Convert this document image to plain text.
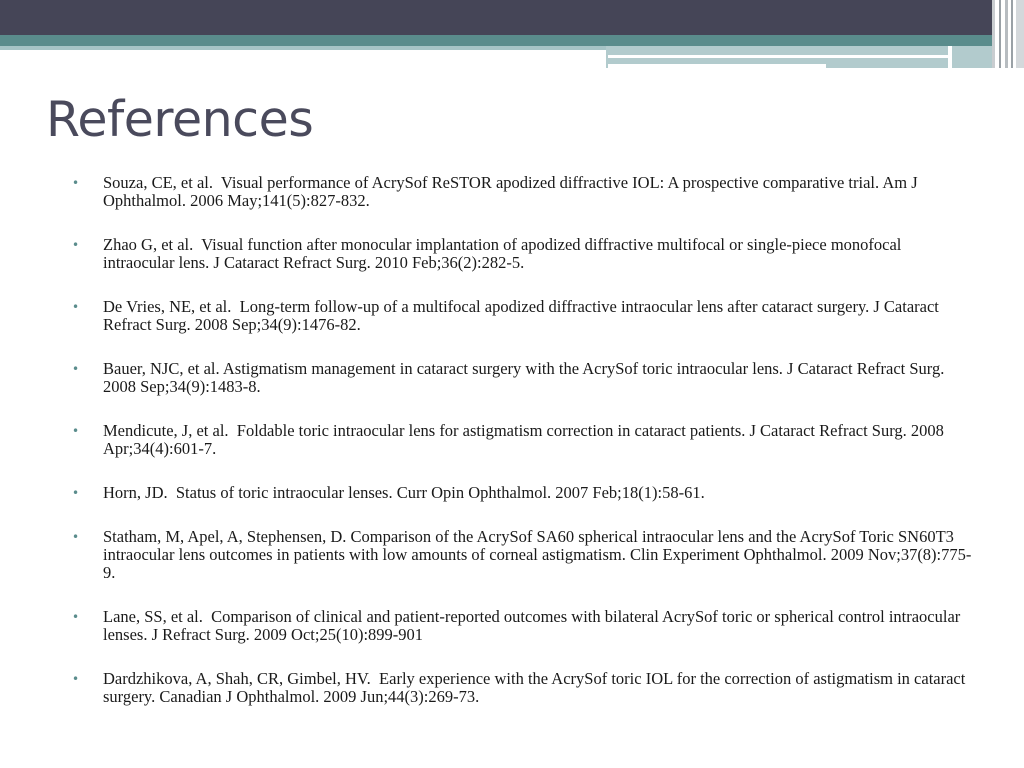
References
• Souza, CE, et al.  Visual performance of AcrySof ReSTOR apodized diffractive IOL: A prospective comparative trial. Am J Ophthalmol. 2006 May;141(5):827-832.
• Zhao G, et al.  Visual function after monocular implantation of apodized diffractive multifocal or single-piece monofocal intraocular lens. J Cataract Refract Surg. 2010 Feb;36(2):282-5.
• De Vries, NE, et al.  Long-term follow-up of a multifocal apodized diffractive intraocular lens after cataract surgery. J Cataract Refract Surg. 2008 Sep;34(9):1476-82.
• Bauer, NJC, et al. Astigmatism management in cataract surgery with the AcrySof toric intraocular lens. J Cataract Refract Surg. 2008 Sep;34(9):1483-8.
• Mendicute, J, et al.  Foldable toric intraocular lens for astigmatism correction in cataract patients. J Cataract Refract Surg. 2008 Apr;34(4):601-7.
• Horn, JD.  Status of toric intraocular lenses. Curr Opin Ophthalmol. 2007 Feb;18(1):58-61.
• Statham, M, Apel, A, Stephensen, D. Comparison of the AcrySof SA60 spherical intraocular lens and the AcrySof Toric SN60T3 intraocular lens outcomes in patients with low amounts of corneal astigmatism. Clin Experiment Ophthalmol. 2009 Nov;37(8):775-9.
• Lane, SS, et al.  Comparison of clinical and patient-reported outcomes with bilateral AcrySof toric or spherical control intraocular lenses. J Refract Surg. 2009 Oct;25(10):899-901
• Dardzhikova, A, Shah, CR, Gimbel, HV.  Early experience with the AcrySof toric IOL for the correction of astigmatism in cataract surgery. Canadian J Ophthalmol. 2009 Jun;44(3):269-73.
